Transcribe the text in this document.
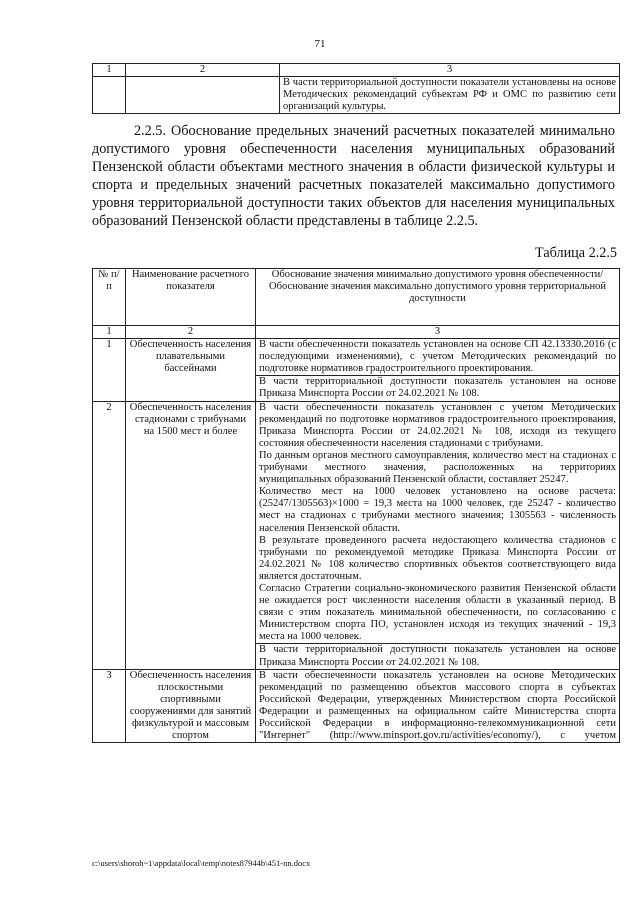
71
1	2	3
		В части территориальной доступности показатели установлены на основе Методических рекомендаций субъектам РФ и ОМС по развитию сети организаций культуры.
2.2.5. Обоснование предельных значений расчетных показателей минимально допустимого уровня обеспеченности населения муниципальных образований Пензенской области объектами местного значения в области физической культуры и спорта и предельных значений расчетных показателей максимально допустимого уровня территориальной доступности таких объектов для населения муниципальных образований Пензенской области представлены в таблице 2.2.5.
Таблица 2.2.5
№ п/п	Наименование расчетного показателя	Обоснование значения минимально допустимого уровня обеспеченности/
Обоснование значения максимально допустимого уровня территориальной доступности

1	2	3
1	Обеспеченность населения плавательными бассейнами	В части обеспеченности показатель установлен на основе СП 42.13330.2016 (с последующими изменениями), с учетом Методических рекомендаций по подготовке нормативов градостроительного проектирования.
		В части территориальной доступности показатель установлен на основе Приказа Минспорта России от 24.02.2021 № 108.
2	Обеспеченность населения стадионами с трибунами на 1500 мест и более	В части обеспеченности показатель установлен с учетом Методических рекомендаций по подготовке нормативов градостроительного проектирования, Приказа Минспорта России от 24.02.2021 № 108, исходя из текущего состояния обеспеченности населения стадионами с трибунами.

По данным органов местного самоуправления, количество мест на стадионах с трибунами местного значения, расположенных на территориях муниципальных образований Пензенской области, составляет 25247.

Количество мест на 1000 человек установлено на основе расчета: (25247/1305563)×1000 = 19,3 места на 1000 человек, где 25247 - количество мест на стадионах с трибунами местного значения; 1305563 - численность населения Пензенской области.

В результате проведенного расчета недостающего количества стадионов с трибунами по рекомендуемой методике Приказа Минспорта России от 24.02.2021 № 108 количество спортивных объектов соответствующего вида является достаточным.

Согласно Стратегии социально-экономического развития Пензенской области не ожидается рост численности населения области в указанный период. В связи с этим показатель минимальной обеспеченности, по согласованию с Министерством спорта ПО, установлен исходя из текущих значений - 19,3 места на 1000 человек.

		В части территориальной доступности показатель установлен на основе Приказа Минспорта России от 24.02.2021 № 108.
3	Обеспеченность населения плоскостными спортивными сооружениями для занятий физкультурой и массовым спортом	В части обеспеченности показатель установлен на основе Методических рекомендаций по размещению объектов массового спорта в субъектах Российской Федерации, утвержденных Министерством спорта Российской Федерации и размещенных на официальном сайте Министерства спорта Российской Федерации в информационно-телекоммуникационной сети "Интернет" (http://www.minsport.gov.ru/activities/economy/), с учетом
c:\users\shoroh~1\appdata\local\temp\notes87944b\451-nn.docx
